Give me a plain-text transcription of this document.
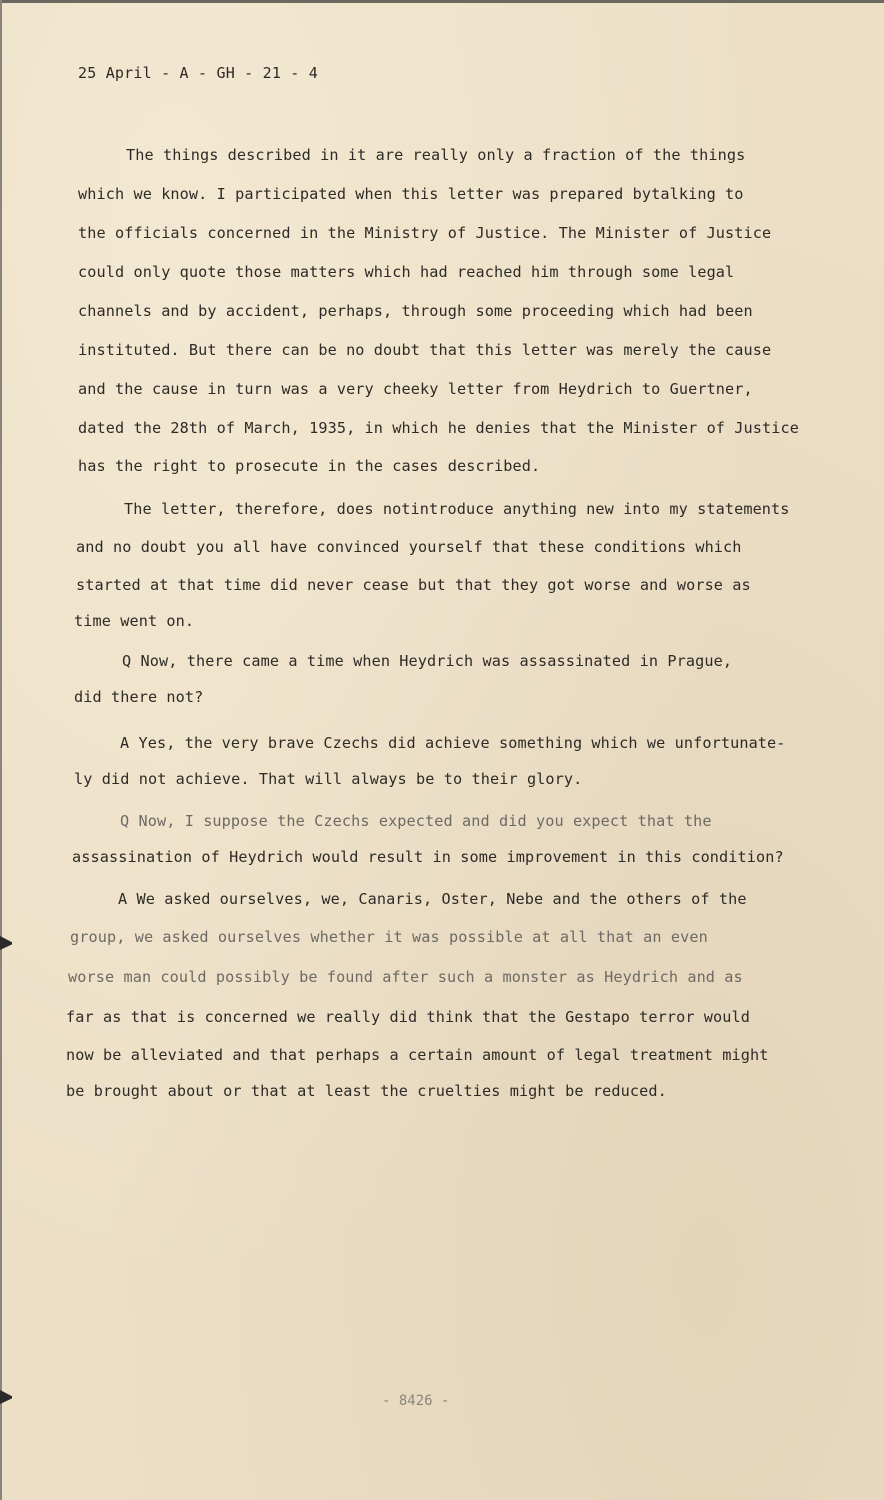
25 April - A - GH - 21 - 4
The things described in it are really only a fraction of the things
which we know. I participated when this letter was prepared bytalking to
the officials concerned in the Ministry of Justice. The Minister of Justice
could only quote those matters which had reached him through some legal
channels and by accident, perhaps, through some proceeding which had been
instituted. But there can be no doubt that this letter was merely the cause
and the cause in turn was a very cheeky letter from Heydrich to Guertner,
dated the 28th of March, 1935, in which he denies that the Minister of Justice
has the right to prosecute in the cases described.
The letter, therefore, does notintroduce anything new into my statements
and no doubt you all have convinced yourself that these conditions which
started at that time did never cease but that they got worse and worse as
time went on.
Q Now, there came a time when Heydrich was assassinated in Prague,
did there not?
A Yes, the very brave Czechs did achieve something which we unfortunate-
ly did not achieve. That will always be to their glory.
Q Now, I suppose the Czechs expected and did you expect that the
assassination of Heydrich would result in some improvement in this condition?
A We asked ourselves, we, Canaris, Oster, Nebe and the others of the
group, we asked ourselves whether it was possible at all that an even
worse man could possibly be found after such a monster as Heydrich and as
far as that is concerned we really did think that the Gestapo terror would
now be alleviated and that perhaps a certain amount of legal treatment might
be brought about or that at least the cruelties might be reduced.
- 8426 -
